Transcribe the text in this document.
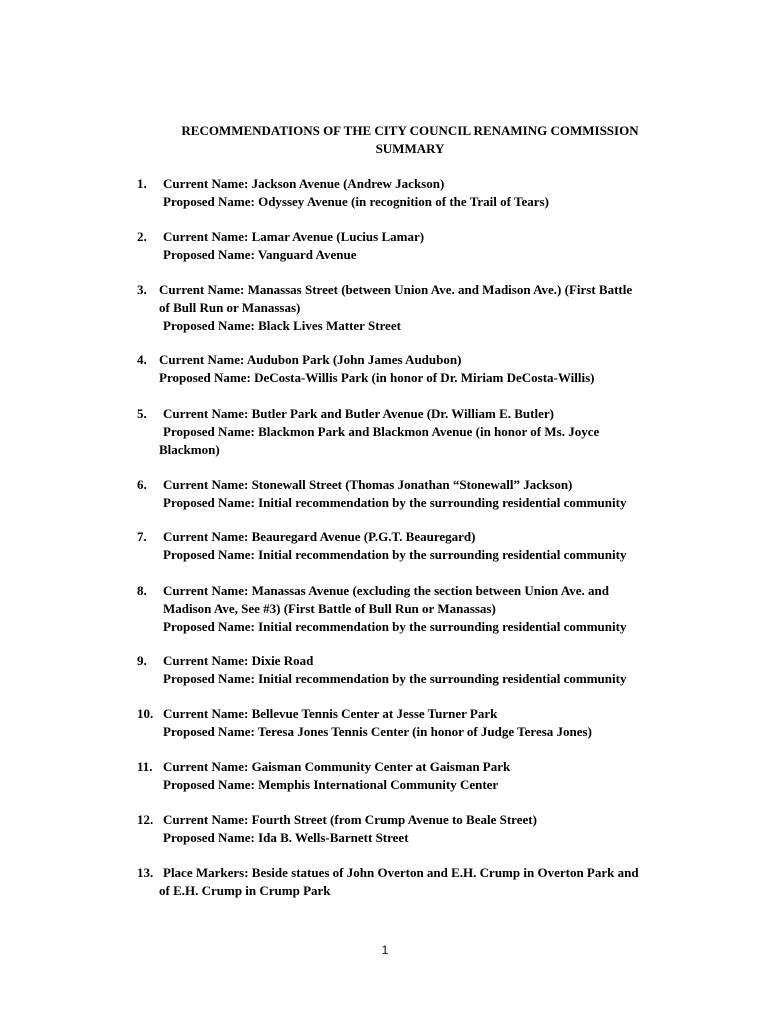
RECOMMENDATIONS OF THE CITY COUNCIL RENAMING COMMISSION
SUMMARY
1. Current Name: Jackson Avenue (Andrew Jackson)
Proposed Name: Odyssey Avenue (in recognition of the Trail of Tears)
2. Current Name: Lamar Avenue (Lucius Lamar)
Proposed Name: Vanguard Avenue
3. Current Name: Manassas Street (between Union Ave. and Madison Ave.) (First Battle
of Bull Run or Manassas)
Proposed Name: Black Lives Matter Street
4. Current Name: Audubon Park (John James Audubon)
Proposed Name: DeCosta-Willis Park (in honor of Dr. Miriam DeCosta-Willis)
5. Current Name: Butler Park and Butler Avenue (Dr. William E. Butler)
Proposed Name: Blackmon Park and Blackmon Avenue (in honor of Ms. Joyce
Blackmon)
6. Current Name: Stonewall Street (Thomas Jonathan “Stonewall” Jackson)
Proposed Name: Initial recommendation by the surrounding residential community
7. Current Name: Beauregard Avenue (P.G.T. Beauregard)
Proposed Name: Initial recommendation by the surrounding residential community
8. Current Name: Manassas Avenue (excluding the section between Union Ave. and
Madison Ave, See #3) (First Battle of Bull Run or Manassas)
Proposed Name: Initial recommendation by the surrounding residential community
9. Current Name: Dixie Road
Proposed Name: Initial recommendation by the surrounding residential community
10. Current Name: Bellevue Tennis Center at Jesse Turner Park
Proposed Name: Teresa Jones Tennis Center (in honor of Judge Teresa Jones)
11. Current Name: Gaisman Community Center at Gaisman Park
Proposed Name: Memphis International Community Center
12. Current Name: Fourth Street (from Crump Avenue to Beale Street)
Proposed Name: Ida B. Wells-Barnett Street
13. Place Markers: Beside statues of John Overton and E.H. Crump in Overton Park and
of E.H. Crump in Crump Park
1
